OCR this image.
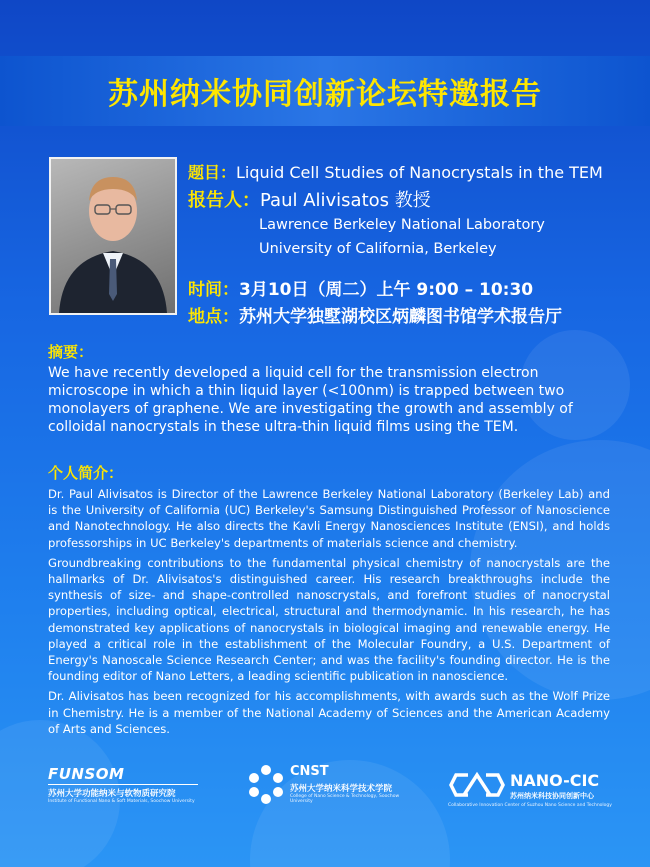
苏州纳米协同创新论坛特邀报告
题目：Liquid Cell Studies of Nanocrystals in the TEM
报告人：Paul Alivisatos 教授
Lawrence Berkeley National Laboratory
University of California, Berkeley
时间：3月10日（周二）上午 9:00 – 10:30
地点：苏州大学独墅湖校区炳麟图书馆学术报告厅
摘要：
We have recently developed a liquid cell for the transmission electron microscope in which a thin liquid layer (<100nm) is trapped between two monolayers of graphene. We are investigating the growth and assembly of colloidal nanocrystals in these ultra-thin liquid films using the TEM.
个人简介：

Dr. Paul Alivisatos is Director of the Lawrence Berkeley National Laboratory (Berkeley Lab) and is the University of California (UC) Berkeley's Samsung Distinguished Professor of Nanoscience and Nanotechnology. He also directs the Kavli Energy Nanosciences Institute (ENSI), and holds professorships in UC Berkeley's departments of materials science and chemistry.

Groundbreaking contributions to the fundamental physical chemistry of nanocrystals are the hallmarks of Dr. Alivisatos's distinguished career. His research breakthroughs include the synthesis of size- and shape-controlled nanoscrystals, and forefront studies of nanocrystal properties, including optical, electrical, structural and thermodynamic. In his research, he has demonstrated key applications of nanocrystals in biological imaging and renewable energy. He played a critical role in the establishment of the Molecular Foundry, a U.S. Department of Energy's Nanoscale Science Research Center; and was the facility's founding director. He is the founding editor of Nano Letters, a leading scientific publication in nanoscience.

Dr. Alivisatos has been recognized for his accomplishments, with awards such as the Wolf Prize in Chemistry. He is a member of the National Academy of Sciences and the American Academy of Arts and Sciences.

FUNSOM
苏州大学功能纳米与软物质研究院
Institute of Functional Nano & Soft Materials, Soochow University
CNST
苏州大学纳米科学技术学院
College of Nano Science & Technology, Soochow University
NANO-CIC
苏州纳米科技协同创新中心
Collaborative Innovation Center of Suzhou Nano Science and Technology
